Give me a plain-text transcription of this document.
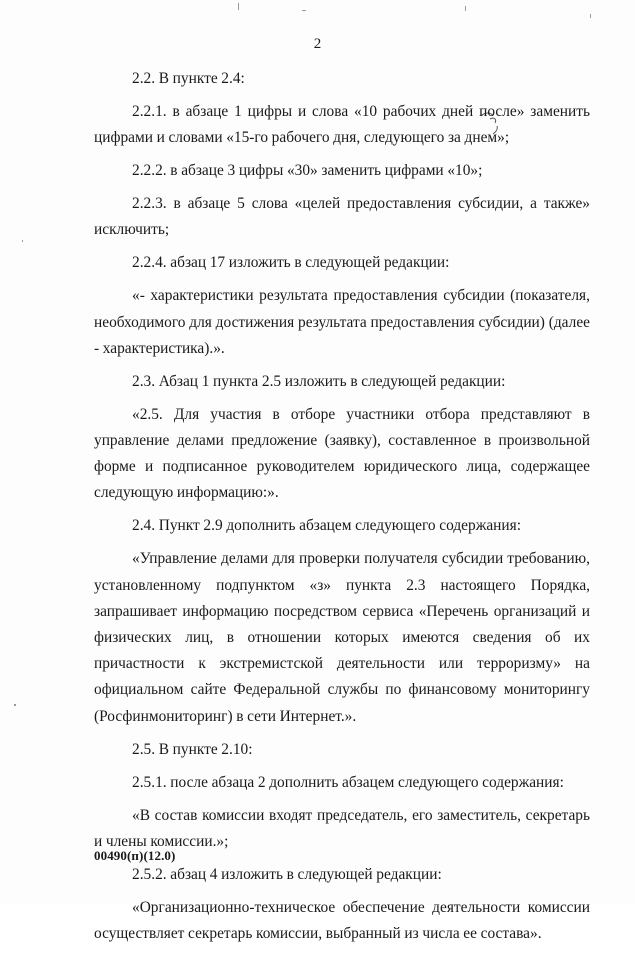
2

2.2. В пункте 2.4:

2.2.1. в абзаце 1 цифры и слова «10 рабочих дней после» заменить цифрами и словами «15-го рабочего дня, следующего за днем»;

2.2.2. в абзаце 3 цифры «30» заменить цифрами «10»;

2.2.3. в абзаце 5 слова «целей предоставления субсидии, а также» исключить;

2.2.4. абзац 17 изложить в следующей редакции:

«- характеристики результата предоставления субсидии (показателя, необходимого для достижения результата предоставления субсидии) (далее - характеристика).».

2.3. Абзац 1 пункта 2.5 изложить в следующей редакции:

«2.5. Для участия в отборе участники отбора представляют в управление делами предложение (заявку), составленное в произвольной форме и подписанное руководителем юридического лица, содержащее следующую информацию:».

2.4. Пункт 2.9 дополнить абзацем следующего содержания:

«Управление делами для проверки получателя субсидии требованию, установленному подпунктом «з» пункта 2.3 настоящего Порядка, запрашивает информацию посредством сервиса «Перечень организаций и физических лиц, в отношении которых имеются сведения об их причастности к экстремистской деятельности или терроризму» на официальном сайте Федеральной службы по финансовому мониторингу (Росфинмониторинг) в сети Интернет.».

2.5. В пункте 2.10:

2.5.1. после абзаца 2 дополнить абзацем следующего содержания:

«В состав комиссии входят председатель, его заместитель, секретарь и члены комиссии.»;

2.5.2. абзац 4 изложить в следующей редакции:

«Организационно-техническое обеспечение деятельности комиссии осуществляет секретарь комиссии, выбранный из числа ее состава».

00490(п)(12.0)
